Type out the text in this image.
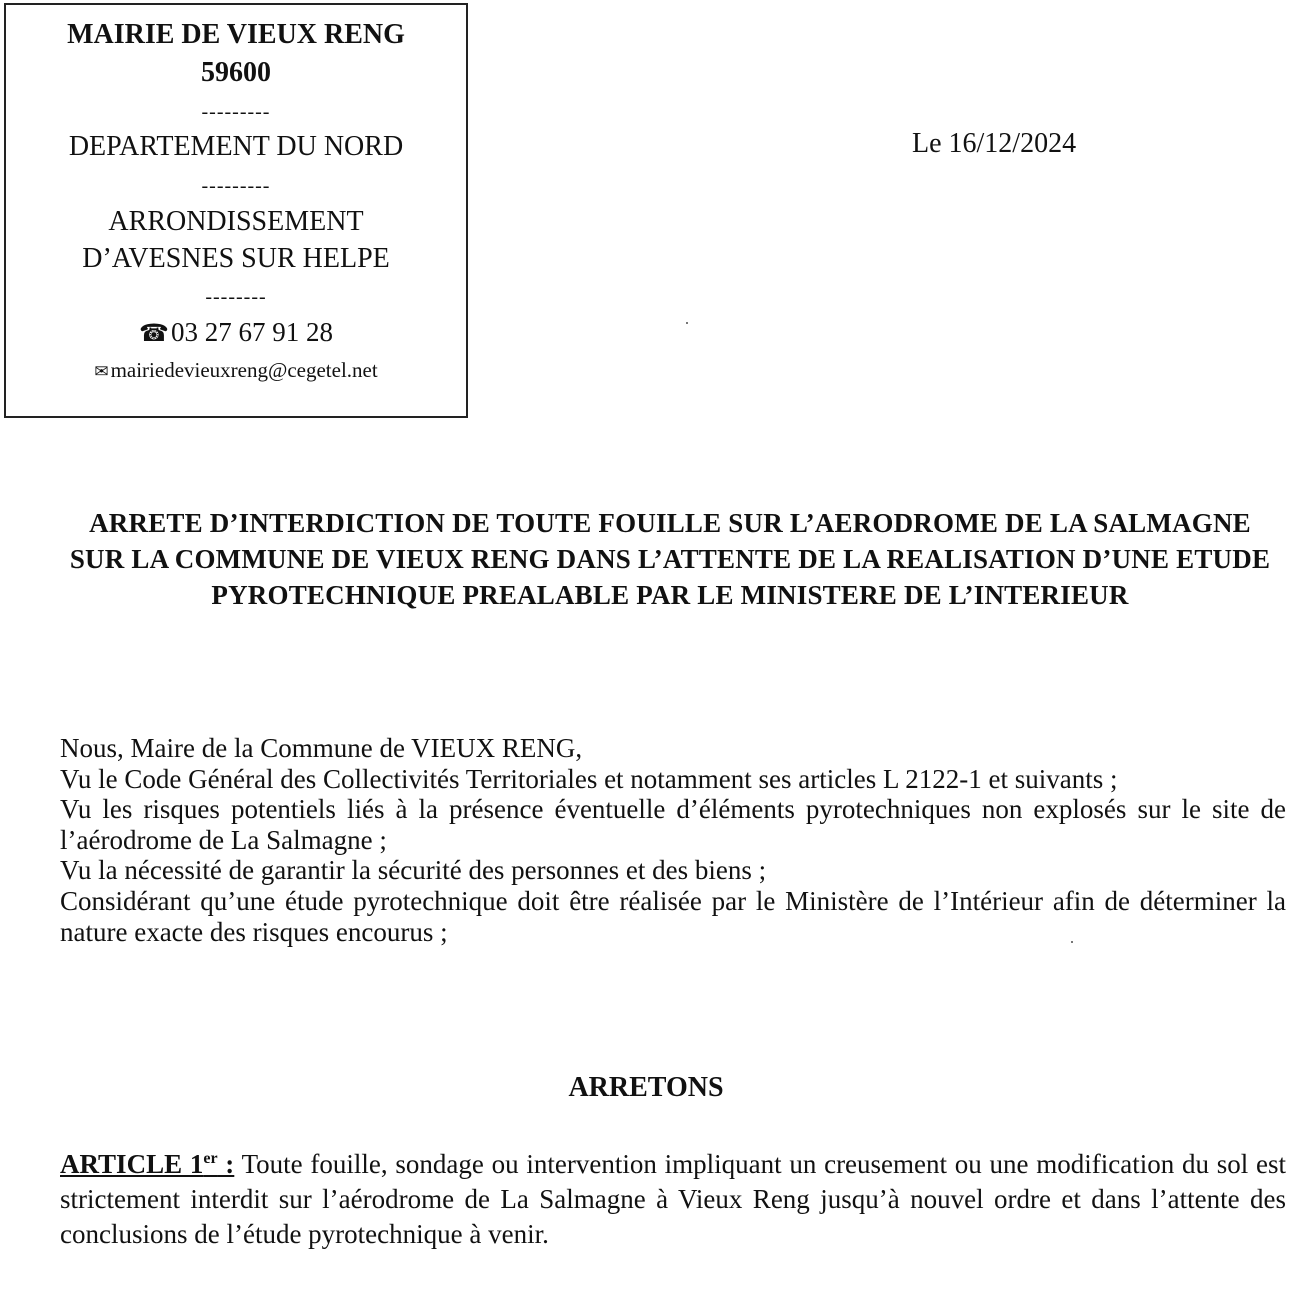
MAIRIE DE VIEUX RENG
59600
---------
DEPARTEMENT DU NORD
---------
ARRONDISSEMENT
D’AVESNES SUR HELPE
--------
☎03 27 67 91 28
✉mairiedevieuxreng@cegetel.net
Le 16/12/2024
ARRETE D’INTERDICTION DE TOUTE FOUILLE SUR L’AERODROME DE LA SALMAGNE SUR LA COMMUNE DE VIEUX RENG DANS L’ATTENTE DE LA REALISATION D’UNE ETUDE PYROTECHNIQUE PREALABLE PAR LE MINISTERE DE L’INTERIEUR

Nous, Maire de la Commune de VIEUX RENG,

Vu le Code Général des Collectivités Territoriales et notamment ses articles L 2122-1 et suivants ;

Vu les risques potentiels liés à la présence éventuelle d’éléments pyrotechniques non explosés sur le site de l’aérodrome de La Salmagne ;

Vu la nécessité de garantir la sécurité des personnes et des biens ;

Considérant qu’une étude pyrotechnique doit être réalisée par le Ministère de l’Intérieur afin de déterminer la nature exacte des risques encourus ;

ARRETONS
ARTICLE 1er : Toute fouille, sondage ou intervention impliquant un creusement ou une modification du sol est strictement interdit sur l’aérodrome de La Salmagne à Vieux Reng jusqu’à nouvel ordre et dans l’attente des conclusions de l’étude pyrotechnique à venir.
